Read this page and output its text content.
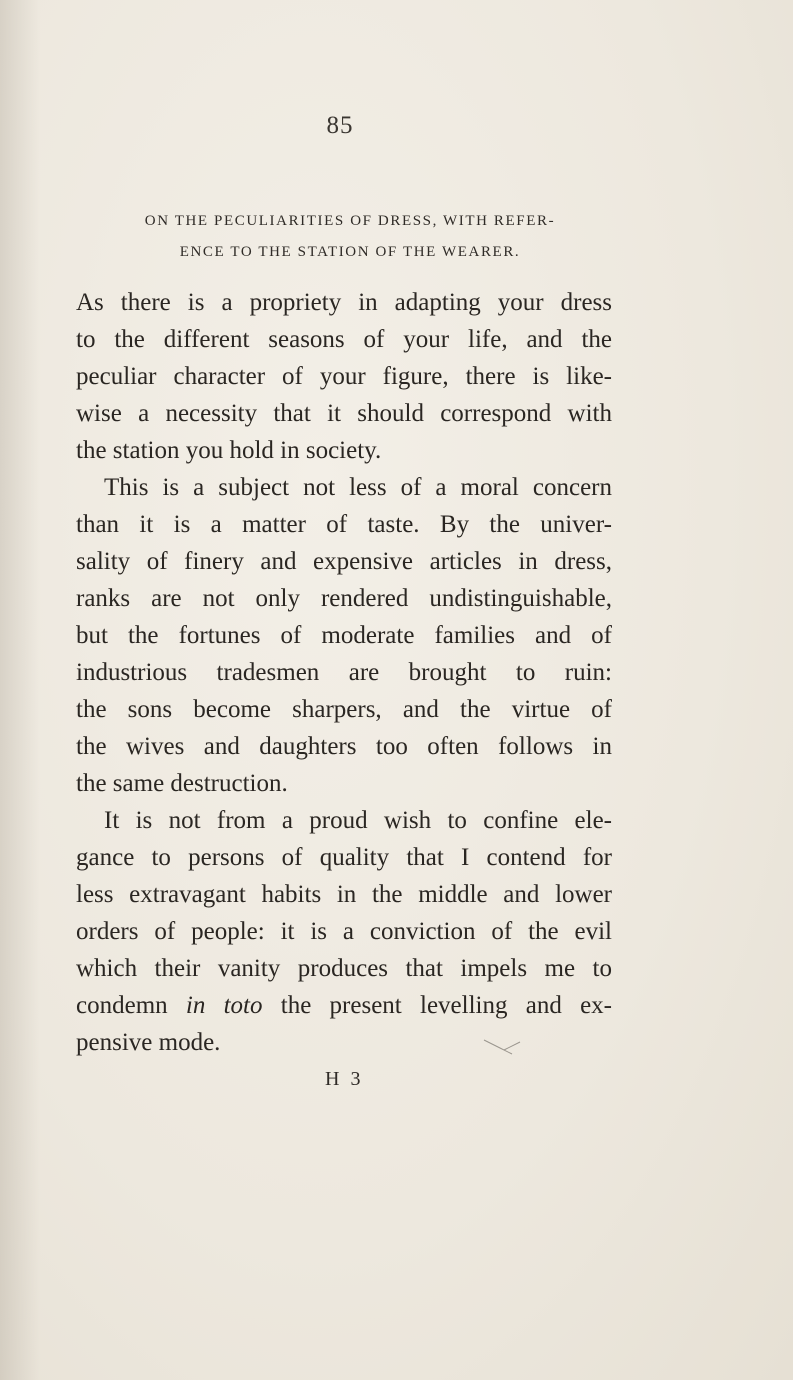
85
ON THE PECULIARITIES OF DRESS, WITH REFER-
ENCE TO THE STATION OF THE WEARER.
As there is a propriety in adapting your dress
to the different seasons of your life, and the
peculiar character of your figure, there is like-
wise a necessity that it should correspond with
the station you hold in society.
This is a subject not less of a moral concern
than it is a matter of taste. By the univer-
sality of finery and expensive articles in dress,
ranks are not only rendered undistinguishable,
but the fortunes of moderate families and of
industrious tradesmen are brought to ruin:
the sons become sharpers, and the virtue of
the wives and daughters too often follows in
the same destruction.
It is not from a proud wish to confine ele-
gance to persons of quality that I contend for
less extravagant habits in the middle and lower
orders of people: it is a conviction of the evil
which their vanity produces that impels me to
condemn in toto the present levelling and ex-
pensive mode.
H 3
